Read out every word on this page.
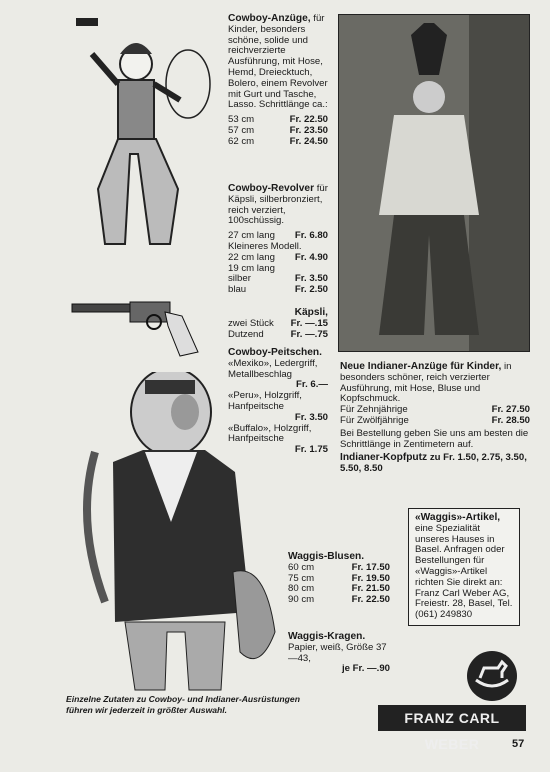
Cowboy-Anzüge, für Kinder, besonders schöne, solide und reichverzierte Ausführung, mit Hose, Hemd, Dreiecktuch, Bolero, einem Revolver mit Gurt und Tasche, Lasso. Schrittlänge ca.:
53 cm	Fr. 22.50
57 cm	Fr. 23.50
62 cm	Fr. 24.50
Cowboy-Revolver für Käpsli, silberbronziert, reich verziert, 100schüssig.
27 cm lang Fr. 6.80
Kleineres Modell.
22 cm lang Fr. 4.90
19 cm lang
silber	Fr. 3.50
blau	Fr. 2.50
Käpsli,
zwei Stück Fr. —.15
Dutzend	Fr. —.75
Cowboy-Peitschen.
«Mexiko», Ledergriff, Metallbeschlag
Fr. 6.—
«Peru», Holzgriff, Hanfpeitsche
Fr. 3.50
«Buffalo», Holzgriff, Hanfpeitsche
Fr. 1.75
Neue Indianer-Anzüge für Kinder, in besonders schöner, reich verzierter Ausführung, mit Hose, Bluse und Kopfschmuck.
Für Zehnjährige	Fr. 27.50
Für Zwölfjährige	Fr. 28.50
Bei Bestellung geben Sie uns am besten die Schrittlänge in Zentimetern auf.
Indianer-Kopfputz zu Fr. 1.50, 2.75, 3.50, 5.50, 8.50
«Waggis»-Artikel, eine Spezialität unseres Hauses in Basel. Anfragen oder Bestellungen für «Waggis»-Artikel richten Sie direkt an: Franz Carl Weber AG, Freiestr. 28, Basel, Tel. (061) 249830
Waggis-Blusen.
60 cm	Fr. 17.50
75 cm	Fr. 19.50
80 cm	Fr. 21.50
90 cm	Fr. 22.50
Waggis-Kragen.
Papier, weiß, Größe 37—43,
je Fr. —.90
Einzelne Zutaten zu Cowboy- und Indianer-Ausrüstungen führen wir jederzeit in größter Auswahl.
FRANZ CARL WEBER	57
